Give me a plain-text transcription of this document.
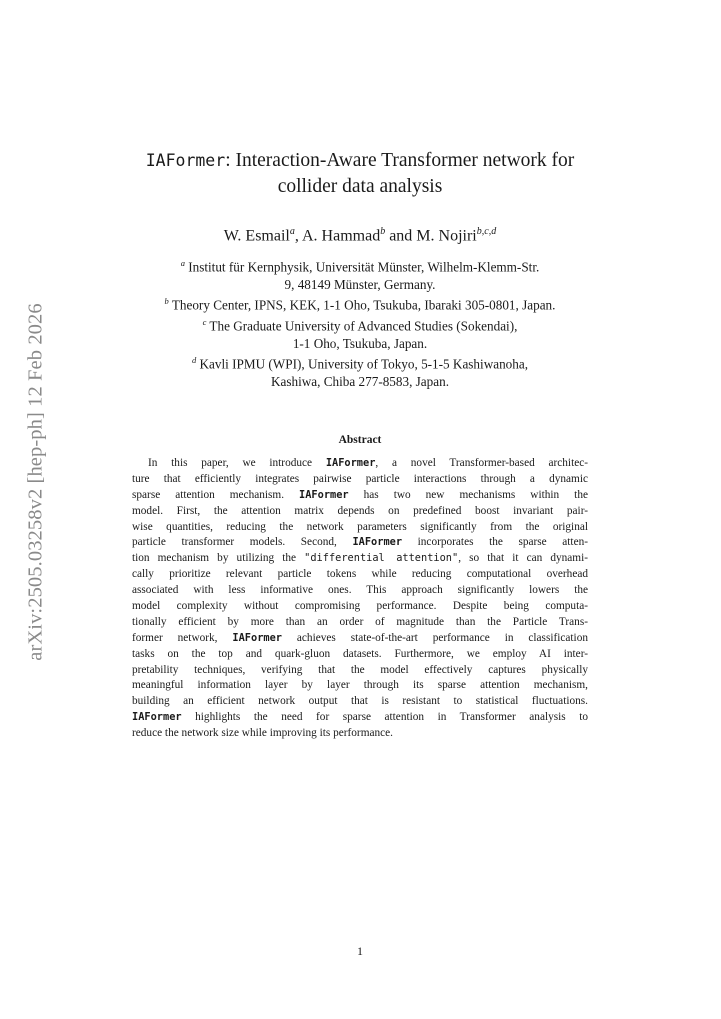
arXiv:2505.03258v2 [hep-ph] 12 Feb 2026
IAFormer: Interaction-Aware Transformer network for
collider data analysis
W. Esmail$^a$, A. Hammad$^b$ and M. Nojiri$^{b,c,d}$
$^a$ Institut für Kernphysik, Universität Münster, Wilhelm-Klemm-Str.
9, 48149 Münster, Germany.
$^b$ Theory Center, IPNS, KEK, 1-1 Oho, Tsukuba, Ibaraki 305-0801, Japan.
$^c$ The Graduate University of Advanced Studies (Sokendai),
1-1 Oho, Tsukuba, Japan.
$^d$ Kavli IPMU (WPI), University of Tokyo, 5-1-5 Kashiwanoha,
Kashiwa, Chiba 277-8583, Japan.
Abstract
In this paper, we introduce IAFormer, a novel Transformer-based architec-
ture that efficiently integrates pairwise particle interactions through a dynamic
sparse attention mechanism. IAFormer has two new mechanisms within the
model. First, the attention matrix depends on predefined boost invariant pair-
wise quantities, reducing the network parameters significantly from the original
particle transformer models. Second, IAFormer incorporates the sparse atten-
tion mechanism by utilizing the "differential attention", so that it can dynami-
cally prioritize relevant particle tokens while reducing computational overhead
associated with less informative ones. This approach significantly lowers the
model complexity without compromising performance. Despite being computa-
tionally efficient by more than an order of magnitude than the Particle Trans-
former network, IAFormer achieves state-of-the-art performance in classification
tasks on the top and quark-gluon datasets. Furthermore, we employ AI inter-
pretability techniques, verifying that the model effectively captures physically
meaningful information layer by layer through its sparse attention mechanism,
building an efficient network output that is resistant to statistical fluctuations.
IAFormer highlights the need for sparse attention in Transformer analysis to
reduce the network size while improving its performance.
1
